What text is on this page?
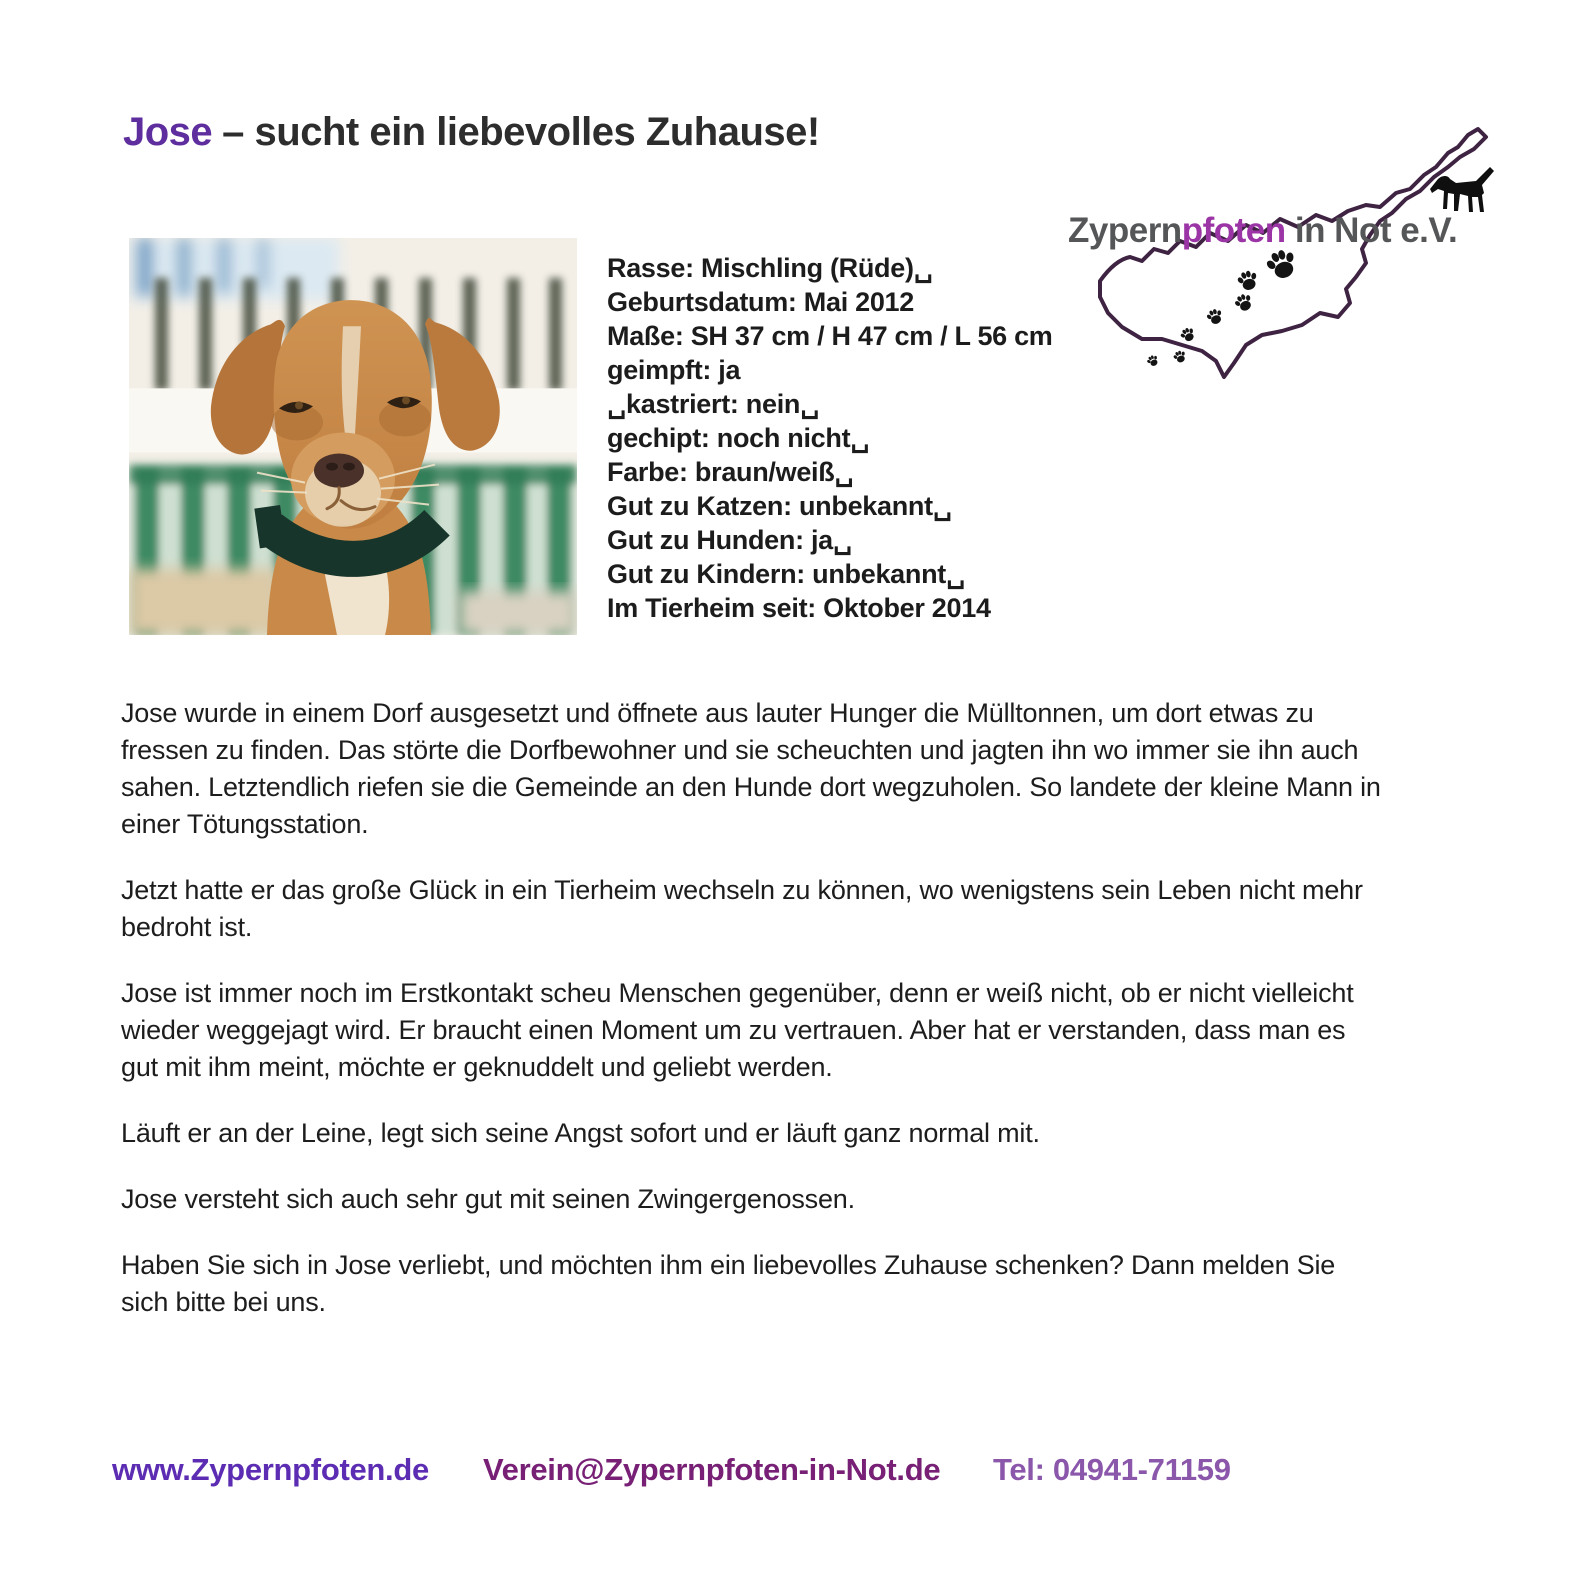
Jose – sucht ein liebevolles Zuhause!
Rasse: Mischling (Rüde)␣
Geburtsdatum: Mai 2012
Maße: SH 37 cm / H 47 cm / L 56 cm
geimpft: ja
␣kastriert: nein␣
gechipt: noch nicht␣
Farbe: braun/weiß␣
Gut zu Katzen: unbekannt␣
Gut zu Hunden: ja␣
Gut zu Kindern: unbekannt␣
Im Tierheim seit: Oktober 2014
Zypernpfoten in Not e.V.

Jose wurde in einem Dorf ausgesetzt und öffnete aus lauter Hunger die Mülltonnen, um dort etwas zu fressen zu finden. Das störte die Dorfbewohner und sie scheuchten und jagten ihn wo immer sie ihn auch sahen. Letztendlich riefen sie die Gemeinde an den Hunde dort wegzuholen. So landete der kleine Mann in einer Tötungsstation.

Jetzt hatte er das große Glück in ein Tierheim wechseln zu können, wo wenigstens sein Leben nicht mehr bedroht ist.

Jose ist immer noch im Erstkontakt scheu Menschen gegenüber, denn er weiß nicht, ob er nicht vielleicht wieder weggejagt wird. Er braucht einen Moment um zu vertrauen. Aber hat er verstanden, dass man es gut mit ihm meint, möchte er geknuddelt und geliebt werden.

Läuft er an der Leine, legt sich seine Angst sofort und er läuft ganz normal mit.

Jose versteht sich auch sehr gut mit seinen Zwingergenossen.

Haben Sie sich in Jose verliebt, und möchten ihm ein liebevolles Zuhause schenken? Dann melden Sie sich bitte bei uns.

www.Zypernpfoten.de Verein@Zypernpfoten-in-Not.de Tel: 04941-71159
